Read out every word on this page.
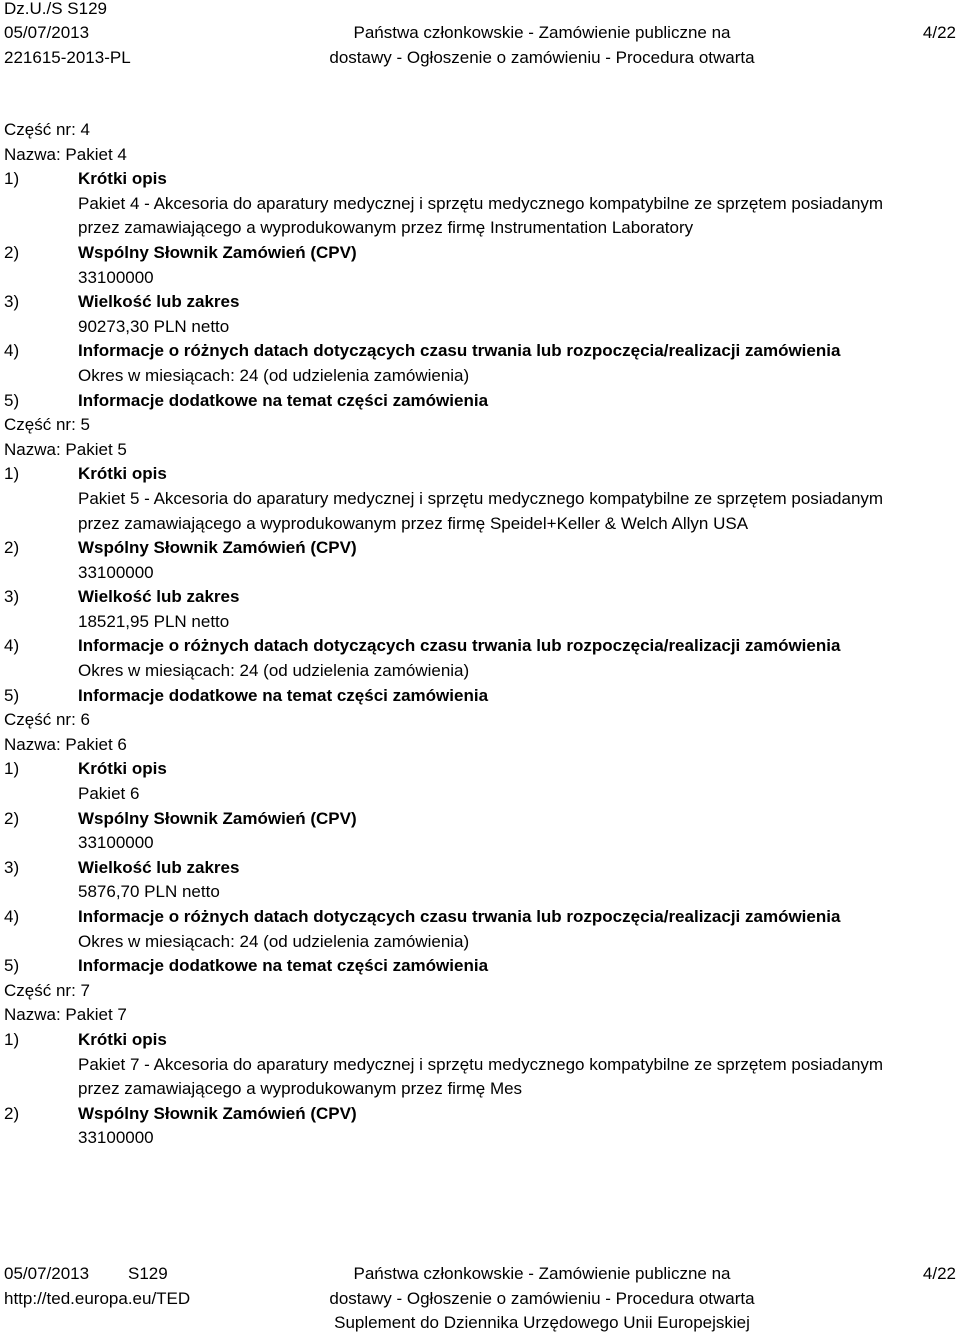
Dz.U./S S129
05/07/2013
221615-2013-PL
Państwa członkowskie - Zamówienie publiczne na
dostawy - Ogłoszenie o zamówieniu - Procedura otwarta
4/22
Część nr: 4
Nazwa: Pakiet 4
1)	Krótki opis
Pakiet 4 - Akcesoria do aparatury medycznej i sprzętu medycznego kompatybilne ze sprzętem posiadanym
przez zamawiającego a wyprodukowanym przez firmę Instrumentation Laboratory
2)	Wspólny Słownik Zamówień (CPV)
33100000
3)	Wielkość lub zakres
90273,30 PLN netto
4)	Informacje o różnych datach dotyczących czasu trwania lub rozpoczęcia/realizacji zamówienia
Okres w miesiącach: 24 (od udzielenia zamówienia)
5)	Informacje dodatkowe na temat części zamówienia
Część nr: 5
Nazwa: Pakiet 5
1)	Krótki opis
Pakiet 5 - Akcesoria do aparatury medycznej i sprzętu medycznego kompatybilne ze sprzętem posiadanym
przez zamawiającego a wyprodukowanym przez firmę Speidel+Keller & Welch Allyn USA
2)	Wspólny Słownik Zamówień (CPV)
33100000
3)	Wielkość lub zakres
18521,95 PLN netto
4)	Informacje o różnych datach dotyczących czasu trwania lub rozpoczęcia/realizacji zamówienia
Okres w miesiącach: 24 (od udzielenia zamówienia)
5)	Informacje dodatkowe na temat części zamówienia
Część nr: 6
Nazwa: Pakiet 6
1)	Krótki opis
Pakiet 6
2)	Wspólny Słownik Zamówień (CPV)
33100000
3)	Wielkość lub zakres
5876,70 PLN netto
4)	Informacje o różnych datach dotyczących czasu trwania lub rozpoczęcia/realizacji zamówienia
Okres w miesiącach: 24 (od udzielenia zamówienia)
5)	Informacje dodatkowe na temat części zamówienia
Część nr: 7
Nazwa: Pakiet 7
1)	Krótki opis
Pakiet 7 - Akcesoria do aparatury medycznej i sprzętu medycznego kompatybilne ze sprzętem posiadanym
przez zamawiającego a wyprodukowanym przez firmę Mes
2)	Wspólny Słownik Zamówień (CPV)
33100000
05/07/2013 S129
http://ted.europa.eu/TED
Państwa członkowskie - Zamówienie publiczne na
dostawy - Ogłoszenie o zamówieniu - Procedura otwarta
Suplement do Dziennika Urzędowego Unii Europejskiej
4/22
